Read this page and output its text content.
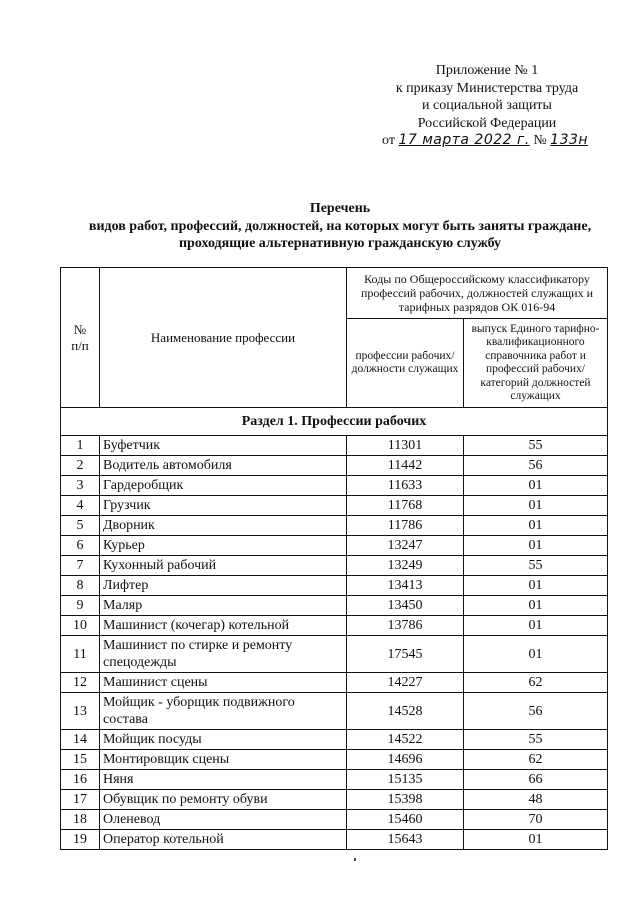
Приложение № 1
к приказу Министерства труда
и социальной защиты
Российской Федерации
от 17 марта 2022 г. № 133н
Перечень
видов работ, профессий, должностей, на которых могут быть заняты граждане,
проходящие альтернативную гражданскую службу
№
п/п	Наименование профессии	Коды по Общероссийскому классификатору профессий рабочих, должностей служащих и тарифных разрядов ОК 016-94	
		профессии рабочих/ должности служащих	выпуск Единого тарифно-квалификационного справочника работ и профессий рабочих/категорий должностей служащих
Раздел 1. Профессии рабочих			
1	Буфетчик	11301	55
2	Водитель автомобиля	11442	56
3	Гардеробщик	11633	01
4	Грузчик	11768	01
5	Дворник	11786	01
6	Курьер	13247	01
7	Кухонный рабочий	13249	55
8	Лифтер	13413	01
9	Маляр	13450	01
10	Машинист (кочегар) котельной	13786	01
11	Машинист по стирке и ремонту спецодежды	17545	01
12	Машинист сцены	14227	62
13	Мойщик - уборщик подвижного состава	14528	56
14	Мойщик посуды	14522	55
15	Монтировщик сцены	14696	62
16	Няня	15135	66
17	Обувщик по ремонту обуви	15398	48
18	Оленевод	15460	70
19	Оператор котельной	15643	01
